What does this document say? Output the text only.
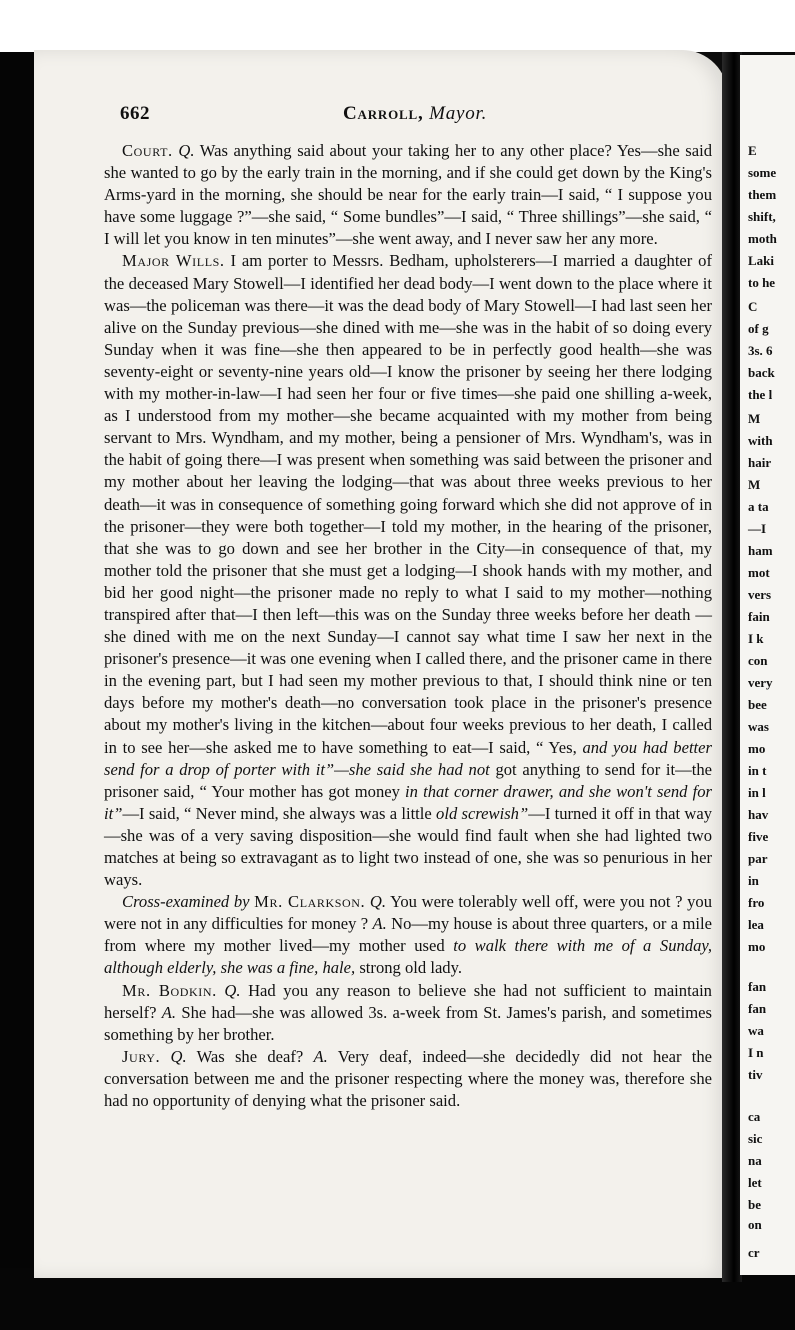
E
some
them
shift,
moth
Laki
to he
C
of g
3s. 6
back
the l
M
with
hair
M
a ta
—I
ham
mot
vers
fain
I k
con
very
bee
was
mo
in t
in l
hav
five
par
in
fro
lea
mo
fan
fan
wa
I n
tiv
ca
sic
na
let
be
on
cr
662	Carroll, Mayor.

Court. Q. Was anything said about your taking her to any other place? Yes—she said she wanted to go by the early train in the morning, and if she could get down by the King's Arms-yard in the morning, she should be near for the early train—I said, “ I suppose you have some luggage ?”—she said, “ Some bundles”—I said, “ Three shillings”—she said, “ I will let you know in ten minutes”—she went away, and I never saw her any more.

Major Wills. I am porter to Messrs. Bedham, upholsterers—I married a daughter of the deceased Mary Stowell—I identified her dead body—I went down to the place where it was—the policeman was there—it was the dead body of Mary Stowell—I had last seen her alive on the Sunday previous—she dined with me—she was in the habit of so doing every Sunday when it was fine—she then appeared to be in perfectly good health—she was seventy-eight or seventy-nine years old—I know the prisoner by seeing her there lodging with my mother-in-law—I had seen her four or five times—she paid one shilling a-week, as I understood from my mother—she became acquainted with my mother from being servant to Mrs. Wyndham, and my mother, being a pensioner of Mrs. Wyndham's, was in the habit of going there—I was present when something was said between the prisoner and my mother about her leaving the lodging—that was about three weeks previous to her death—it was in consequence of something going forward which she did not approve of in the prisoner—they were both together—I told my mother, in the hearing of the prisoner, that she was to go down and see her brother in the City—in consequence of that, my mother told the prisoner that she must get a lodging—I shook hands with my mother, and bid her good night—the prisoner made no reply to what I said to my mother—nothing transpired after that—I then left—this was on the Sunday three weeks before her death —she dined with me on the next Sunday—I cannot say what time I saw her next in the prisoner's presence—it was one evening when I called there, and the prisoner came in there in the evening part, but I had seen my mother previous to that, I should think nine or ten days before my mother's death—no conversation took place in the prisoner's presence about my mother's living in the kitchen—about four weeks previous to her death, I called in to see her—she asked me to have something to eat—I said, “ Yes, and you had better send for a drop of porter with it”—she said she had not got anything to send for it—the prisoner said, “ Your mother has got money in that corner drawer, and she won't send for it”—I said, “ Never mind, she always was a little old screwish”—I turned it off in that way—she was of a very saving disposition—she would find fault when she had lighted two matches at being so extravagant as to light two instead of one, she was so penurious in her ways.

Cross-examined by Mr. Clarkson. Q. You were tolerably well off, were you not ? you were not in any difficulties for money ? A. No—my house is about three quarters, or a mile from where my mother lived—my mother used to walk there with me of a Sunday, although elderly, she was a fine, hale, strong old lady.

Mr. Bodkin. Q. Had you any reason to believe she had not sufficient to maintain herself? A. She had—she was allowed 3s. a-week from St. James's parish, and sometimes something by her brother.

Jury. Q. Was she deaf? A. Very deaf, indeed—she decidedly did not hear the conversation between me and the prisoner respecting where the money was, therefore she had no opportunity of denying what the prisoner said.
